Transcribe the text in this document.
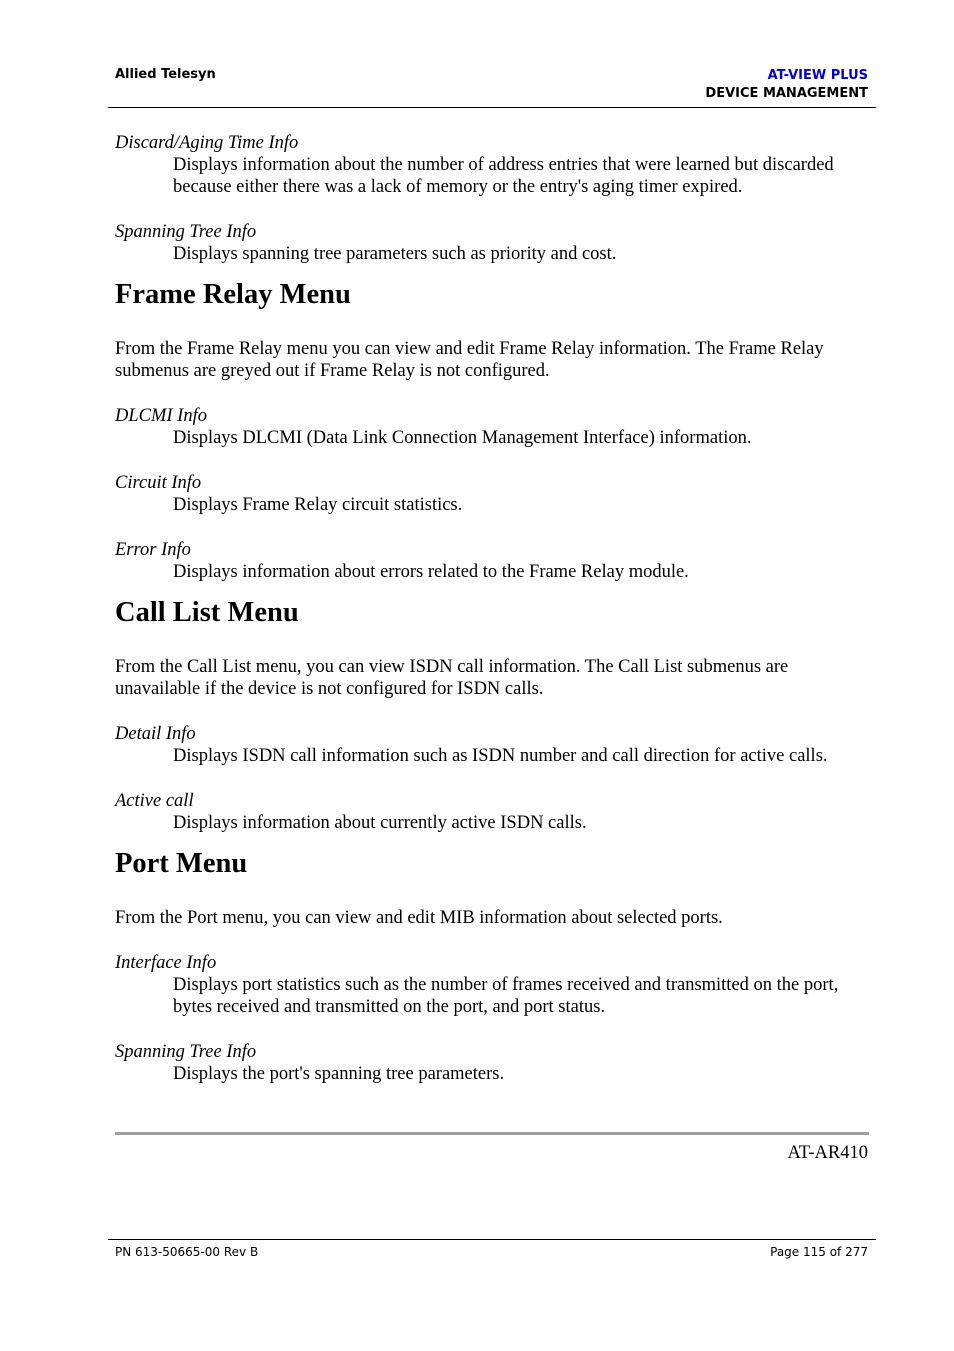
Allied Telesyn	AT-VIEW PLUS
DEVICE MANAGEMENT
Discard/Aging Time Info
Displays information about the number of address entries that were learned but discarded because either there was a lack of memory or the entry's aging timer expired.
Spanning Tree Info
Displays spanning tree parameters such as priority and cost.
Frame Relay Menu

From the Frame Relay menu you can view and edit Frame Relay information. The Frame Relay submenus are greyed out if Frame Relay is not configured.

DLCMI Info
Displays DLCMI (Data Link Connection Management Interface) information.
Circuit Info
Displays Frame Relay circuit statistics.
Error Info
Displays information about errors related to the Frame Relay module.
Call List Menu

From the Call List menu, you can view ISDN call information. The Call List submenus are unavailable if the device is not configured for ISDN calls.

Detail Info
Displays ISDN call information such as ISDN number and call direction for active calls.
Active call
Displays information about currently active ISDN calls.
Port Menu

From the Port menu, you can view and edit MIB information about selected ports.

Interface Info
Displays port statistics such as the number of frames received and transmitted on the port, bytes received and transmitted on the port, and port status.
Spanning Tree Info
Displays the port's spanning tree parameters.
AT-AR410
PN 613-50665-00 Rev B	Page 115 of 277
